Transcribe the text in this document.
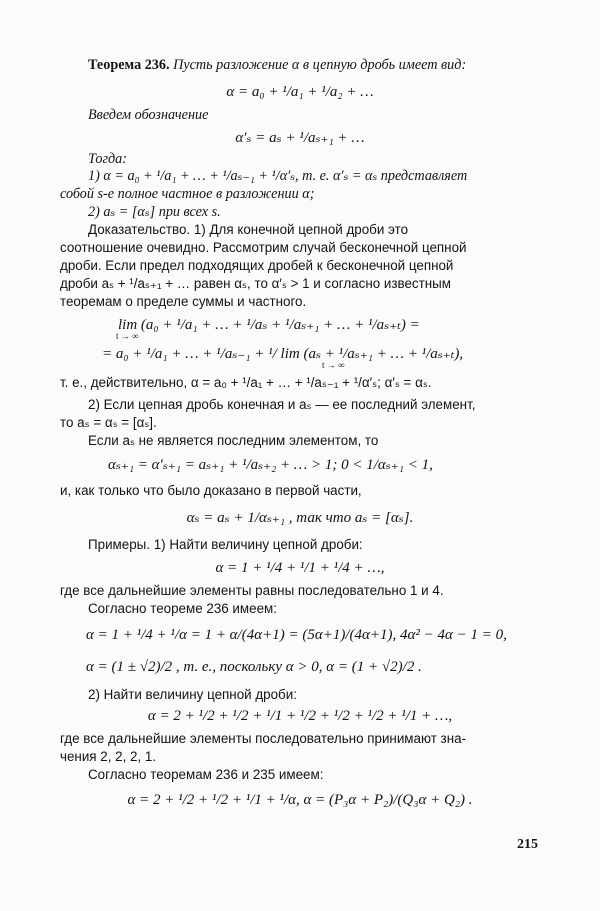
Теорема 236. Пусть разложение α в цепную дробь имеет вид:
α = a₀ + ¹/a₁ + ¹/a₂ + …
Введем обозначение
α′ₛ = aₛ + ¹/aₛ₊₁ + …
Тогда:
1) α = a₀ + ¹/a₁ + … + ¹/aₛ₋₁ + ¹/α′ₛ, т. е. α′ₛ = αₛ представляет
собой s-е полное частное в разложении α;
2) aₛ = [αₛ] при всех s.
Доказательство. 1) Для конечной цепной дроби это
соотношение очевидно. Рассмотрим случай бесконечной цепной
дроби. Если предел подходящих дробей к бесконечной цепной
дроби aₛ + ¹/aₛ₊₁ + … равен αₛ, то α′ₛ > 1 и согласно известным
теоремам о пределе суммы и частного.
lim (a₀ + ¹/a₁ + … + ¹/aₛ + ¹/aₛ₊₁ + … + ¹/aₛ₊ₜ) =
t → ∞
= a₀ + ¹/a₁ + … + ¹/aₛ₋₁ + ¹/ lim (aₛ + ¹/aₛ₊₁ + … + ¹/aₛ₊ₜ),
t → ∞
т. е., действительно, α = a₀ + ¹/a₁ + … + ¹/aₛ₋₁ + ¹/α′ₛ; α′ₛ = αₛ.
2) Если цепная дробь конечная и aₛ — ее последний элемент,
то aₛ = αₛ = [αₛ].
Если aₛ не является последним элементом, то
αₛ₊₁ = α′ₛ₊₁ = aₛ₊₁ + ¹/aₛ₊₂ + … > 1; 0 < 1/αₛ₊₁ < 1,
и, как только что было доказано в первой части,
αₛ = aₛ + 1/αₛ₊₁ , так что aₛ = [αₛ].
Примеры. 1) Найти величину цепной дроби:
α = 1 + ¹/4 + ¹/1 + ¹/4 + …,
где все дальнейшие элементы равны последовательно 1 и 4.
Согласно теореме 236 имеем:
α = 1 + ¹/4 + ¹/α = 1 + α/(4α+1) = (5α+1)/(4α+1), 4α² − 4α − 1 = 0,
α = (1 ± √2)/2 , т. е., поскольку α > 0, α = (1 + √2)/2 .
2) Найти величину цепной дроби:
α = 2 + ¹/2 + ¹/2 + ¹/1 + ¹/2 + ¹/2 + ¹/2 + ¹/1 + …,
где все дальнейшие элементы последовательно принимают зна-
чения 2, 2, 2, 1.
Согласно теоремам 236 и 235 имеем:
α = 2 + ¹/2 + ¹/2 + ¹/1 + ¹/α, α = (P₃α + P₂)/(Q₃α + Q₂) .
215
